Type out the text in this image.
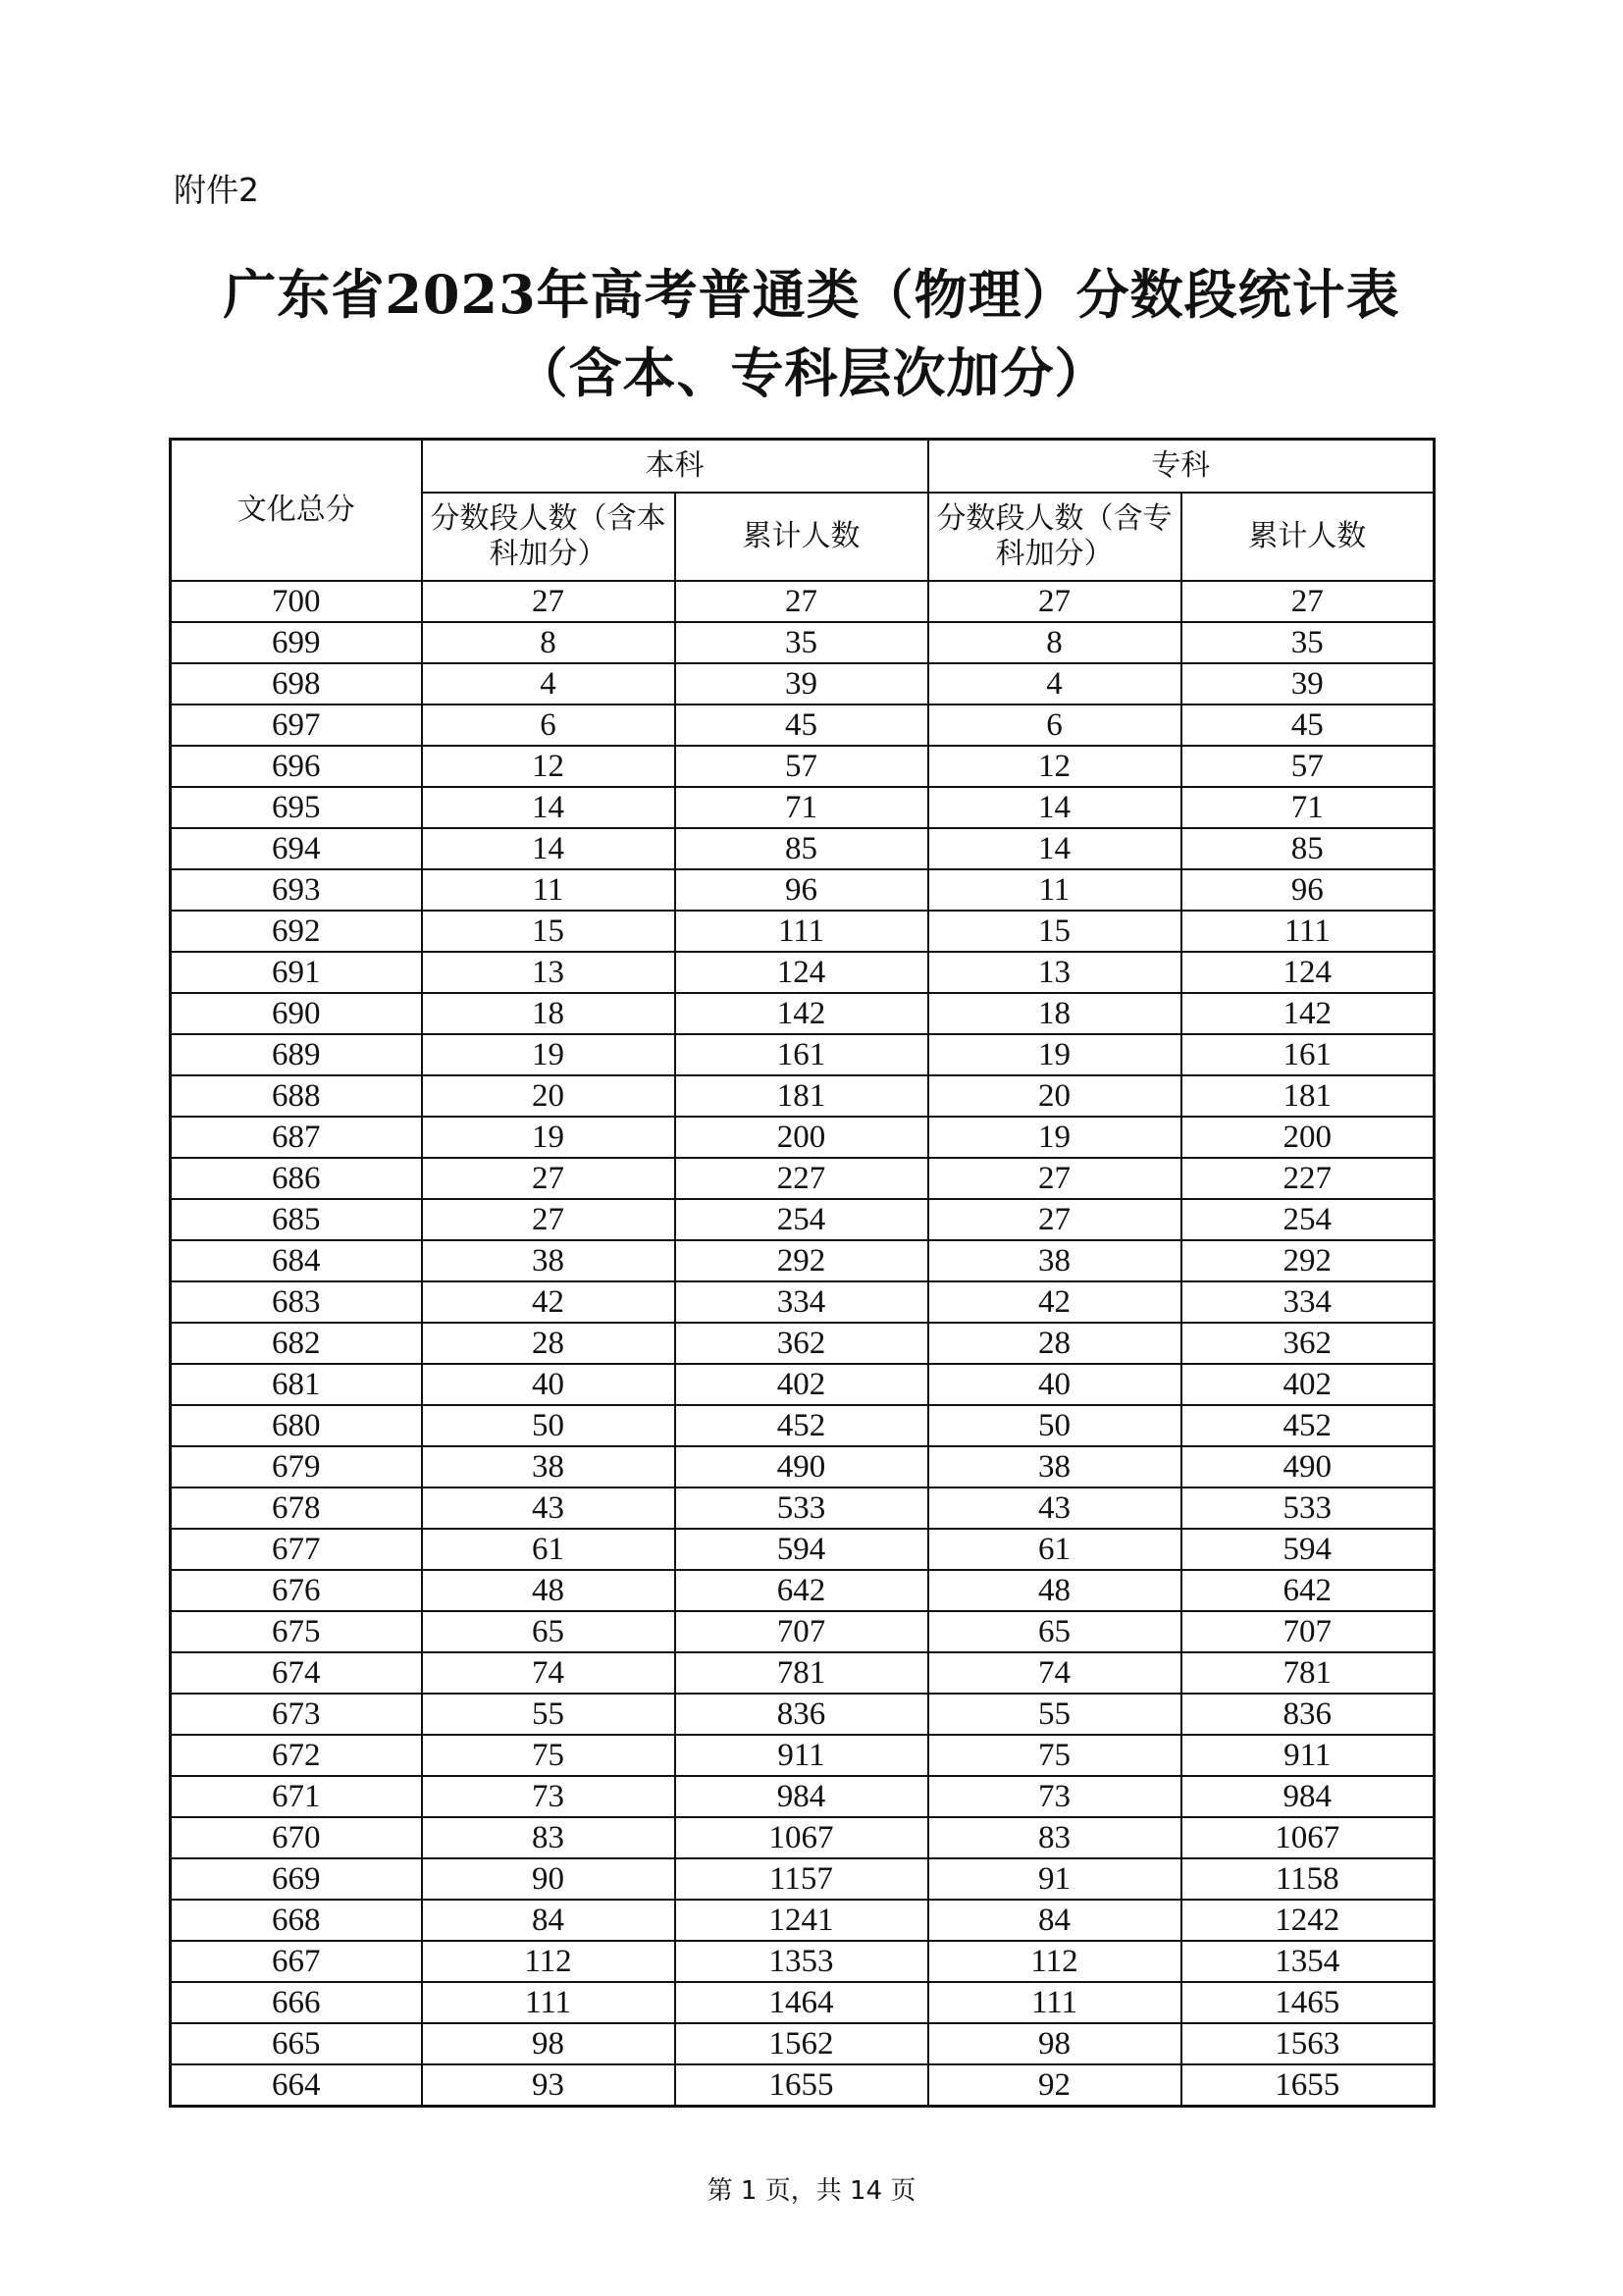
附件2
广东省2023年高考普通类（物理）分数段统计表
（含本、专科层次加分）
文化总分	本科		专科	
	分数段人数（含本科加分）	累计人数	分数段人数（含专科加分）	累计人数
700	27	27	27	27
699	8	35	8	35
698	4	39	4	39
697	6	45	6	45
696	12	57	12	57
695	14	71	14	71
694	14	85	14	85
693	11	96	11	96
692	15	111	15	111
691	13	124	13	124
690	18	142	18	142
689	19	161	19	161
688	20	181	20	181
687	19	200	19	200
686	27	227	27	227
685	27	254	27	254
684	38	292	38	292
683	42	334	42	334
682	28	362	28	362
681	40	402	40	402
680	50	452	50	452
679	38	490	38	490
678	43	533	43	533
677	61	594	61	594
676	48	642	48	642
675	65	707	65	707
674	74	781	74	781
673	55	836	55	836
672	75	911	75	911
671	73	984	73	984
670	83	1067	83	1067
669	90	1157	91	1158
668	84	1241	84	1242
667	112	1353	112	1354
666	111	1464	111	1465
665	98	1562	98	1563
664	93	1655	92	1655
第 1 页，共 14 页
